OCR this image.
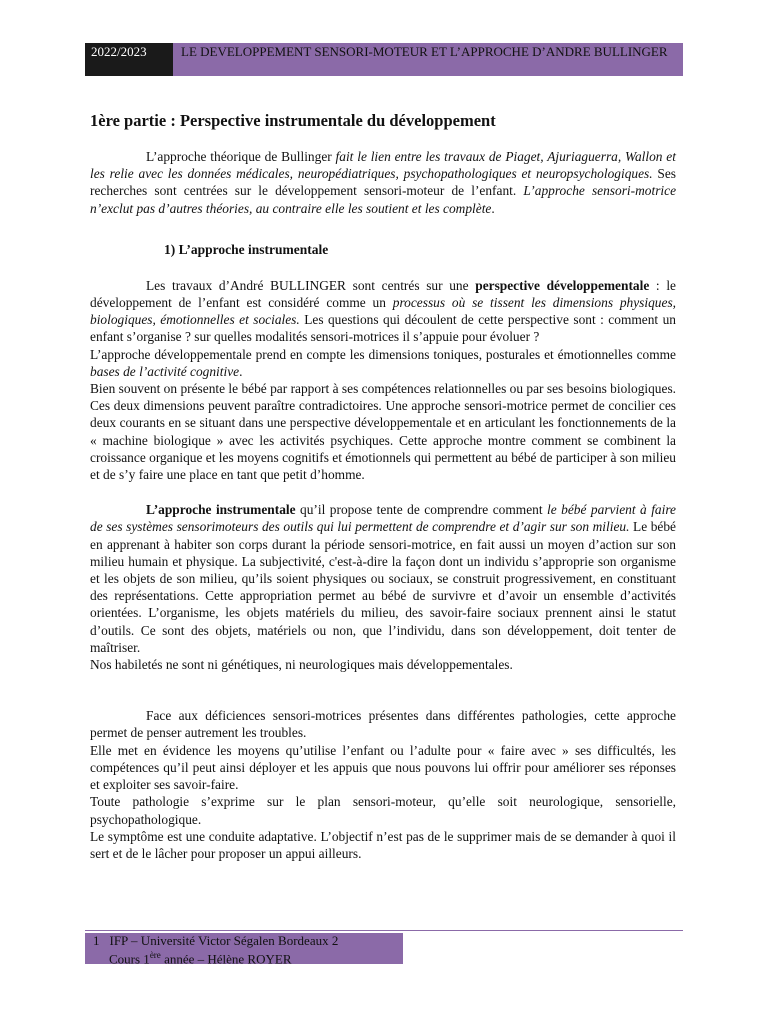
2022/2023	LE DEVELOPPEMENT SENSORI-MOTEUR ET L’APPROCHE D’ANDRE BULLINGER
1ère partie : Perspective instrumentale du développement

L’approche théorique de Bullinger fait le lien entre les travaux de Piaget, Ajuriaguerra, Wallon et les relie avec les données médicales, neuropédiatriques, psychopathologiques et neuropsychologiques. Ses recherches sont centrées sur le développement sensori-moteur de l’enfant. L’approche sensori-motrice n’exclut pas d’autres théories, au contraire elle les soutient et les complète.

1) L’approche instrumentale

Les travaux d’André BULLINGER sont centrés sur une perspective développementale : le développement de l’enfant est considéré comme un processus où se tissent les dimensions physiques, biologiques, émotionnelles et sociales. Les questions qui découlent de cette perspective sont : comment un enfant s’organise ? sur quelles modalités sensori-motrices il s’appuie pour évoluer ?

L’approche développementale prend en compte les dimensions toniques, posturales et émotionnelles comme bases de l’activité cognitive.

Bien souvent on présente le bébé par rapport à ses compétences relationnelles ou par ses besoins biologiques. Ces deux dimensions peuvent paraître contradictoires. Une approche sensori-motrice permet de concilier ces deux courants en se situant dans une perspective développementale et en articulant les fonctionnements de la « machine biologique » avec les activités psychiques. Cette approche montre comment se combinent la croissance organique et les moyens cognitifs et émotionnels qui permettent au bébé de participer à son milieu et de s’y faire une place en tant que petit d’homme.

L’approche instrumentale qu’il propose tente de comprendre comment le bébé parvient à faire de ses systèmes sensorimoteurs des outils qui lui permettent de comprendre et d’agir sur son milieu. Le bébé en apprenant à habiter son corps durant la période sensori-motrice, en fait aussi un moyen d’action sur son milieu humain et physique. La subjectivité, c'est-à-dire la façon dont un individu s’approprie son organisme et les objets de son milieu, qu’ils soient physiques ou sociaux, se construit progressivement, en constituant des représentations. Cette appropriation permet au bébé de survivre et d’avoir un ensemble d’activités orientées. L’organisme, les objets matériels du milieu, des savoir-faire sociaux prennent ainsi le statut d’outils. Ce sont des objets, matériels ou non, que l’individu, dans son développement, doit tenter de maîtriser.

Nos habiletés ne sont ni génétiques, ni neurologiques mais développementales.

Face aux déficiences sensori-motrices présentes dans différentes pathologies, cette approche permet de penser autrement les troubles.

Elle met en évidence les moyens qu’utilise l’enfant ou l’adulte pour « faire avec » ses difficultés, les compétences qu’il peut ainsi déployer et les appuis que nous pouvons lui offrir pour améliorer ses réponses et exploiter ses savoir-faire.

Toute pathologie s’exprime sur le plan sensori-moteur, qu’elle soit neurologique, sensorielle, psychopathologique.

Le symptôme est une conduite adaptative. L’objectif n’est pas de le supprimer mais de se demander à quoi il sert et de le lâcher pour proposer un appui ailleurs.

1 IFP – Université Victor Ségalen Bordeaux 2
Cours 1ère année – Hélène ROYER
